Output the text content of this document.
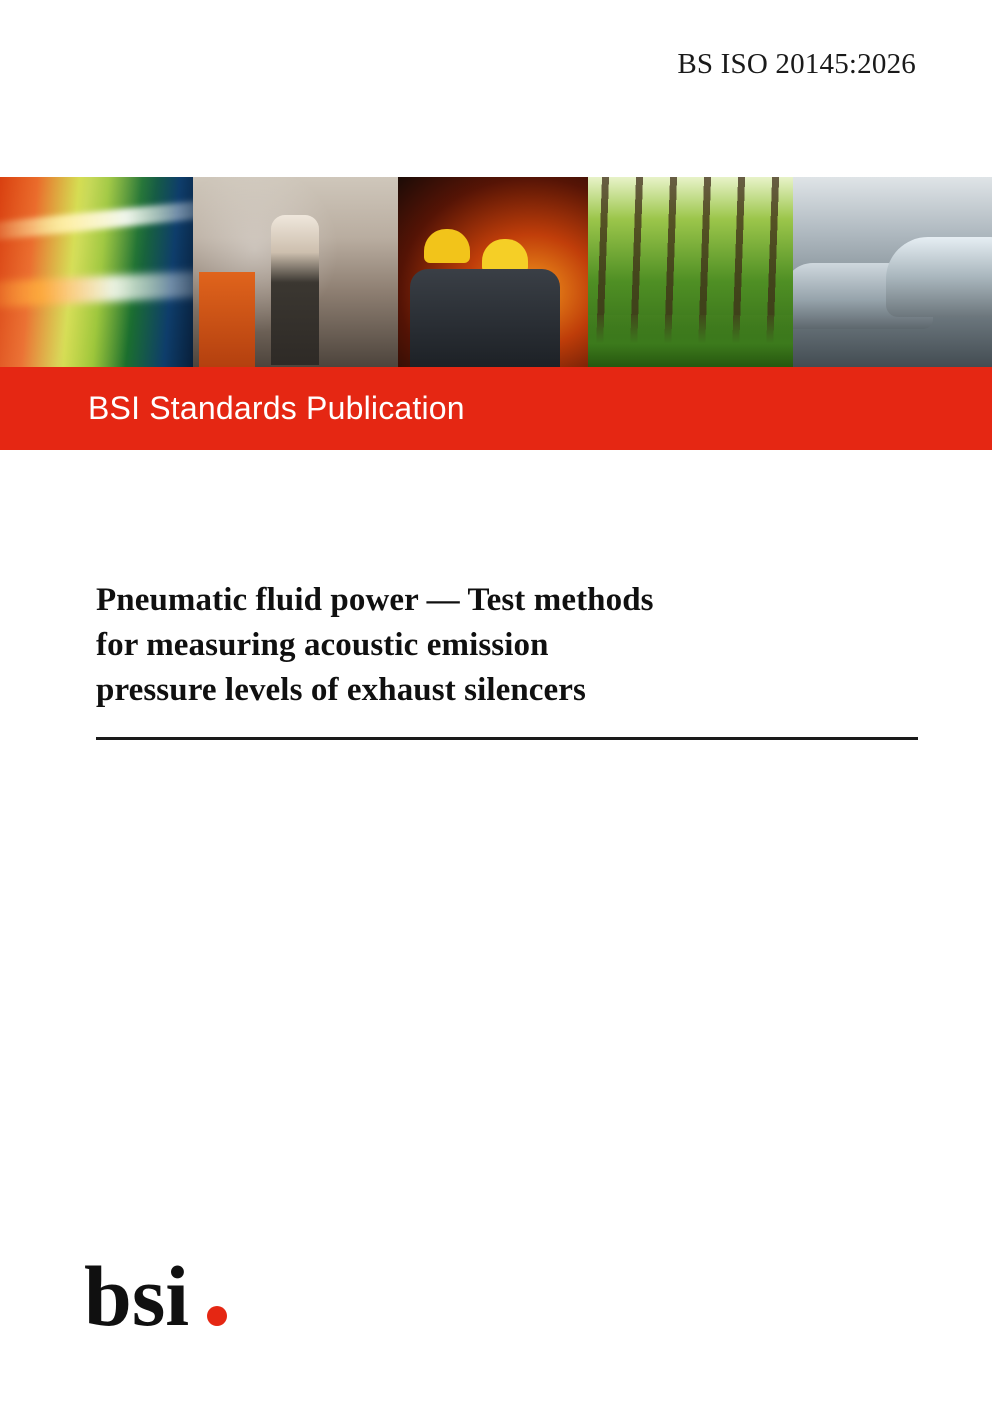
BS ISO 20145:2026
BSI Standards Publication
Pneumatic fluid power — Test methods
for measuring acoustic emission
pressure levels of exhaust silencers
bsi
